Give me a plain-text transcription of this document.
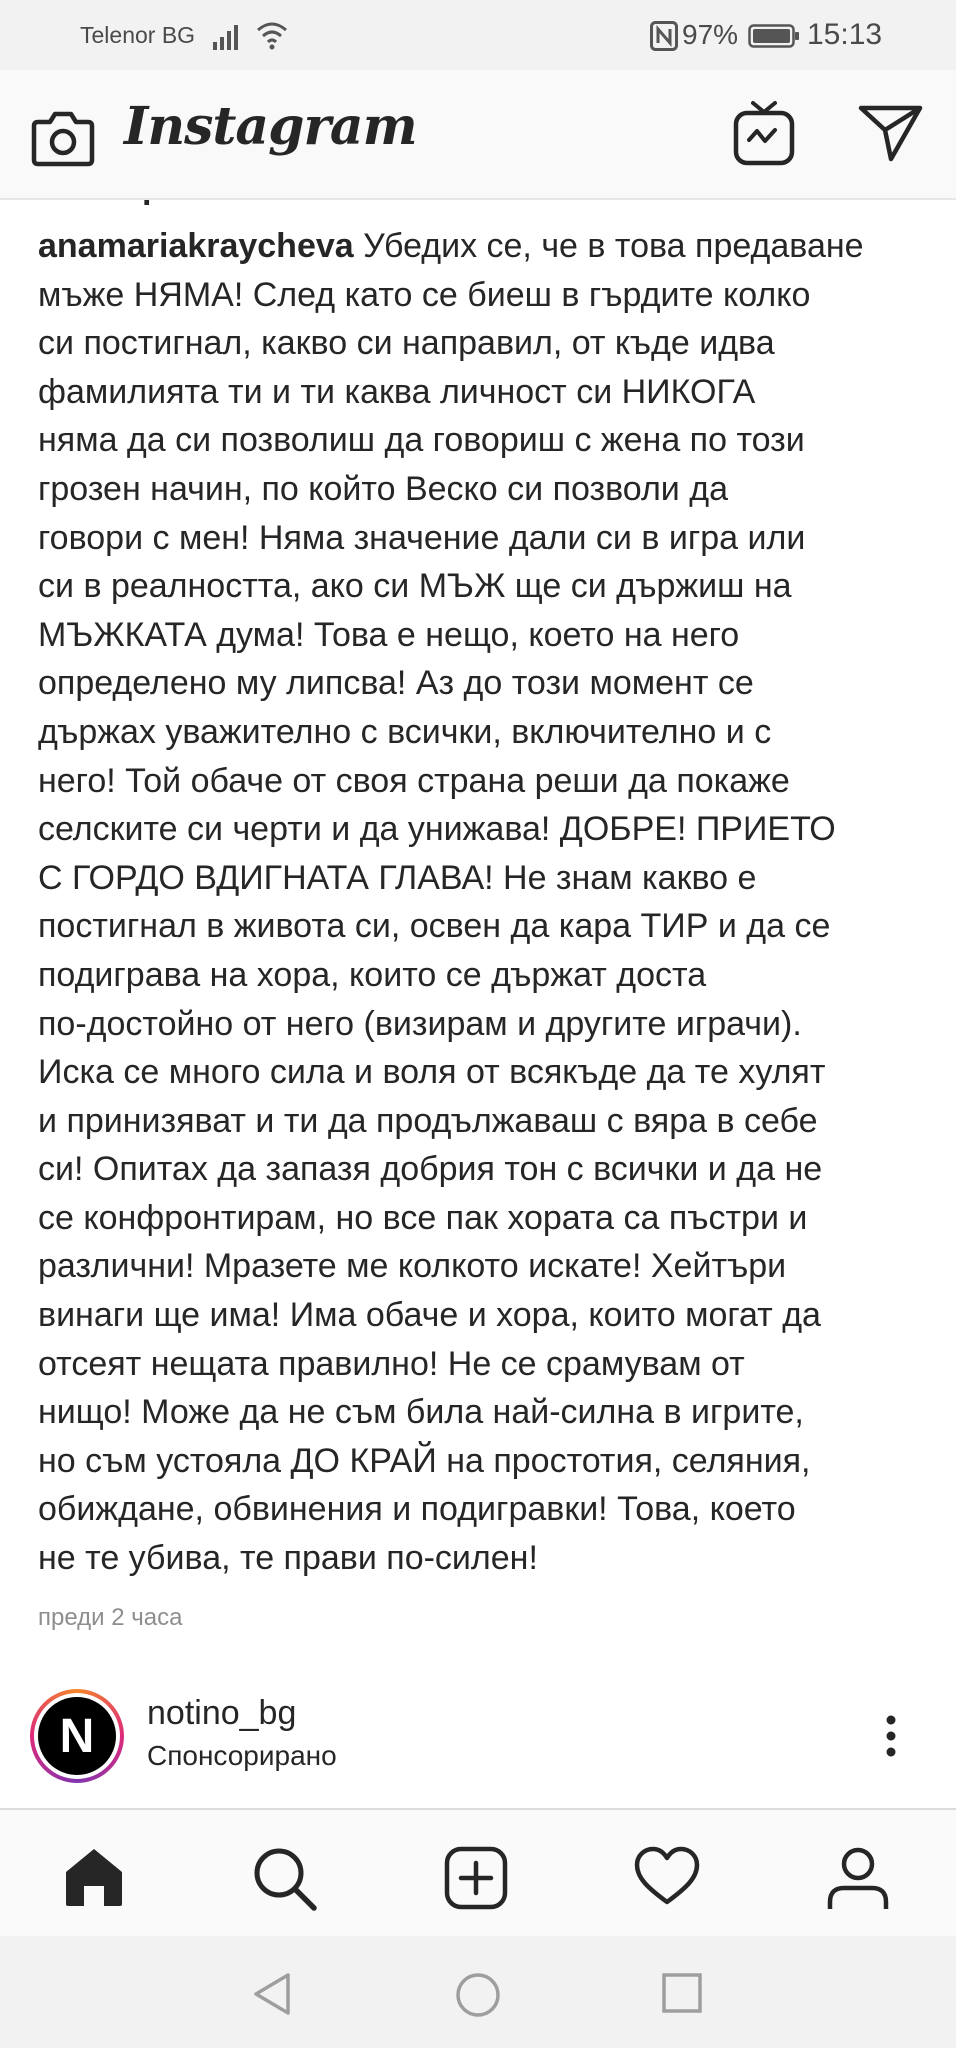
Telenor BG	97% 15:13
Instagram
anamariakraycheva Убедих се, че в това предаване
мъже НЯМА! След като се биеш в гърдите колко
си постигнал, какво си направил, от къде идва
фамилията ти и ти каква личност си НИКОГА
няма да си позволиш да говориш с жена по този
грозен начин, по който Веско си позволи да
говори с мен! Няма значение дали си в игра или
си в реалността, ако си МЪЖ ще си държиш на
МЪЖКАТА дума! Това е нещо, което на него
определено му липсва! Аз до този момент се
държах уважително с всички, включително и с
него! Той обаче от своя страна реши да покаже
селските си черти и да унижава! ДОБРЕ! ПРИЕТО
С ГОРДО ВДИГНАТА ГЛАВА! Не знам какво е
постигнал в живота си, освен да кара ТИР и да се
подиграва на хора, които се държат доста
по-достойно от него (визирам и другите играчи).
Иска се много сила и воля от всякъде да те хулят
и принизяват и ти да продължаваш с вяра в себе
си! Опитах да запазя добрия тон с всички и да не
се конфронтирам, но все пак хората са пъстри и
различни! Мразете ме колкото искате! Хейтъри
винаги ще има! Има обаче и хора, които могат да
отсеят нещата правилно! Не се срамувам от
нищо! Може да не съм била най-силна в игрите,
но съм устояла ДО КРАЙ на простотия, селяния,
обиждане, обвинения и подигравки! Това, което
не те убива, те прави по-силен!
преди 2 часа
N	notino_bg
Спонсорирано
